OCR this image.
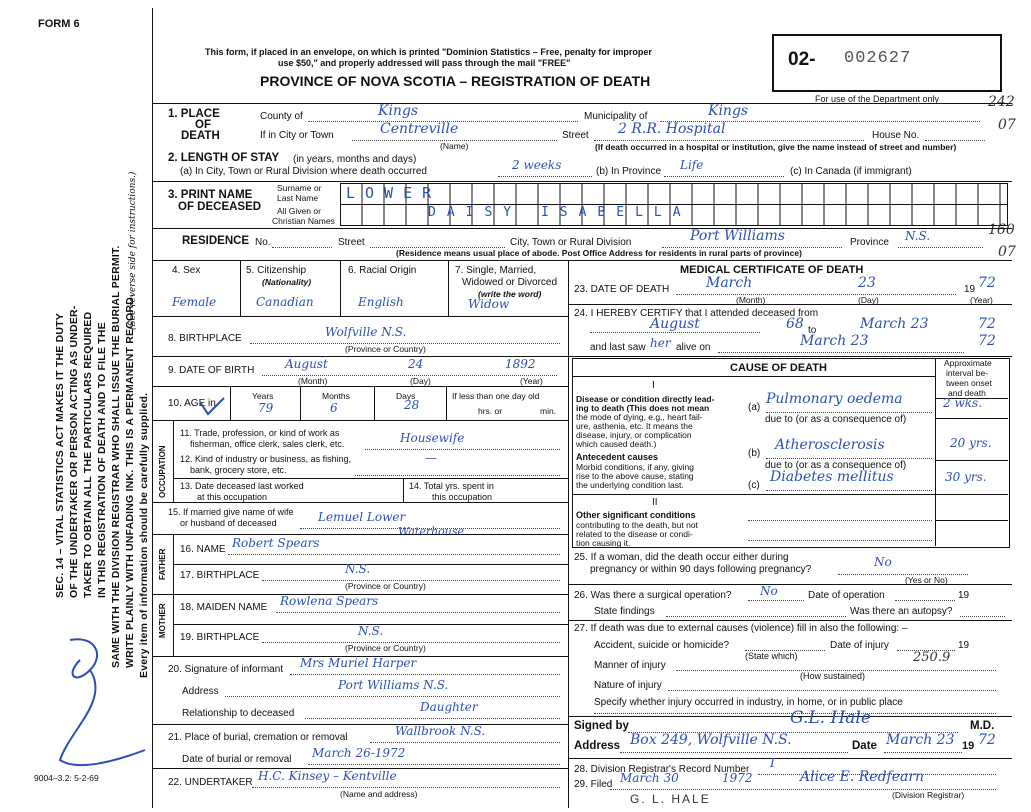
FORM 6
9004–3.2: 5-2-69
SEC. 14 – VITAL STATISTICS ACT MAKES IT THE DUTY OF THE UNDERTAKER OR PERSON ACTING AS UNDER- TAKER TO OBTAIN ALL THE PARTICULARS REQUIRED IN THIS REGISTRATION OF DEATH AND TO FILE THE SAME WITH THE DIVISION REGISTRAR WHO SHALL ISSUE THE BURIAL PERMIT. WRITE PLAINLY WITH UNFADING INK. THIS IS A PERMANENT RECORD. Every item of information should be carefully supplied.
(See reverse side for instructions.)
This form, if placed in an envelope, on which is printed "Dominion Statistics – Free, penalty for improper
use $50," and properly addressed will pass through the mail "FREE"
PROVINCE OF NOVA SCOTIA – REGISTRATION OF DEATH
02- 002627
For use of the Department only	242
07
160
07
1. PLACE
OF
DEATH
County of	Kings	Municipality of	Kings
If in City or Town	Centreville
(Name)
Street 2 R.R. Hospital	House No.
(If death occurred in a hospital or institution, give the name instead of street and number)
2. LENGTH OF STAY (in years, months and days)
(a) In City, Town or Rural Division where death occurred	2 weeks	(b) In Province Life	(c) In Canada (if immigrant)
3. PRINT NAME
OF DECEASED
Surname or
Last Name
All Given or
Christian Names
LOWER
DAISY ISABELLA
RESIDENCE No.	Street	City, Town or Rural Division	Port Williams	Province N.S.
(Residence means usual place of abode. Post Office Address for residents in rural parts of province)
4. Sex	5. Citizenship
(Nationality)
6. Racial Origin	7. Single, Married,
Widowed or Divorced
(write the word)
Female	Canadian	English	Widow
8. BIRTHPLACE	Wolfville N.S.
(Province or Country)
9. DATE OF BIRTH	August	24	1892
(Month)	(Day)	(Year)
10. AGE in
Years	Months	Days
79	6	28
If less than one day old
hrs. or	min.
OCCUPATION
11. Trade, profession, or kind of work as
fisherman, office clerk, sales clerk, etc.	Housewife
12. Kind of industry or business, as fishing,
bank, grocery store, etc.
—
13. Date deceased last worked
at this occupation
14. Total yrs. spent in
this occupation
15. If married give name of wife
or husband of deceased	Lemuel Lower
Waterhouse
FATHER
MOTHER
16. NAME Robert Spears
17. BIRTHPLACE	N.S.
(Province or Country)
18. MAIDEN NAME Rowlena Spears
19. BIRTHPLACE	N.S.
(Province or Country)
20. Signature of informant Mrs Muriel Harper
Address	Port Williams N.S.
Relationship to deceased	Daughter
21. Place of burial, cremation or removal	Wallbrook N.S.
Date of burial or removal March 26-1972
22. UNDERTAKER H.C. Kinsey – Kentville
(Name and address)
MEDICAL CERTIFICATE OF DEATH
23. DATE OF DEATH	March	23	19 72
(Month)	(Day)	(Year)
24. I HEREBY CERTIFY that I attended deceased from
August	68 to	March 23	72
and last saw her alive on	March 23	72
CAUSE OF DEATH	Approximate
interval be-
tween onset
and death
I
Disease or condition directly lead-
ing to death (This does not mean
the mode of dying, e.g., heart fail-
ure, asthenia, etc. It means the
disease, injury, or complication
which caused death.)
(a)
Pulmonary oedema	2 wks.
due to (or as a consequence of)
Antecedent causes
Morbid conditions, if any, giving
rise to the above cause, stating
the underlying condition last.
(b)
Atherosclerosis	20 yrs.
due to (or as a consequence of)
(c)
Diabetes mellitus	30 yrs.
II
Other significant conditions
contributing to the death, but not
related to the disease or condi-
tion causing it.
25. If a woman, did the death occur either during
pregnancy or within 90 days following pregnancy?
No
(Yes or No)
26. Was there a surgical operation? No	Date of operation	19
State findings	Was there an autopsy?
27. If death was due to external causes (violence) fill in also the following: –
Accident, suicide or homicide?	Date of injury	19
(State which)
Manner of injury
250.9
(How sustained)
Nature of injury
Specify whether injury occurred in industry, in home, or in public place
Signed by	G.L. Hale	M.D.
Address Box 249, Wolfville N.S.	Date March 23 19 72
28. Division Registrar's Record Number I
29. Filed March 30	1972	Alice E. Redfearn
(Division Registrar)
G. L. HALE
